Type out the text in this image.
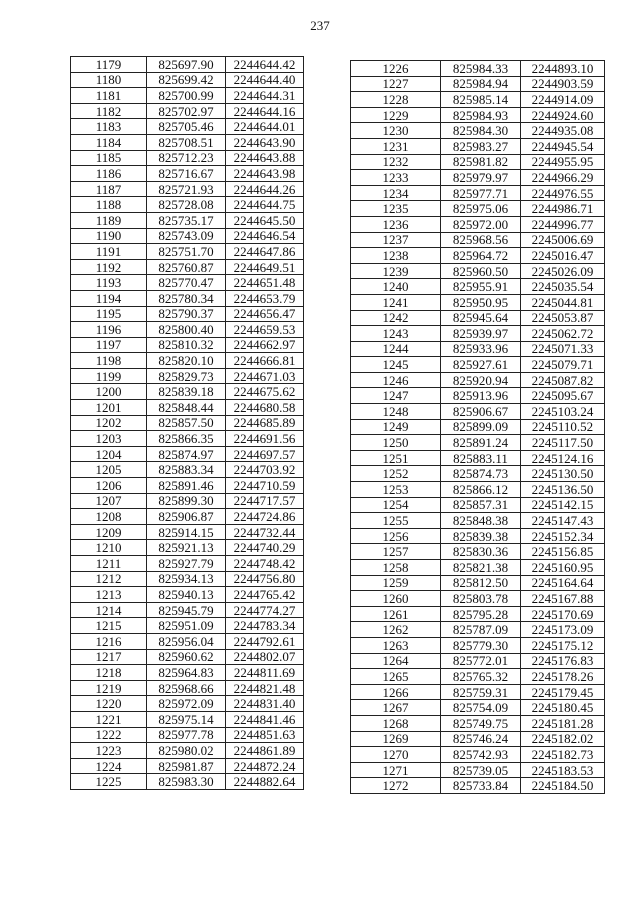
237
1179	825697.90	2244644.42
1180	825699.42	2244644.40
1181	825700.99	2244644.31
1182	825702.97	2244644.16
1183	825705.46	2244644.01
1184	825708.51	2244643.90
1185	825712.23	2244643.88
1186	825716.67	2244643.98
1187	825721.93	2244644.26
1188	825728.08	2244644.75
1189	825735.17	2244645.50
1190	825743.09	2244646.54
1191	825751.70	2244647.86
1192	825760.87	2244649.51
1193	825770.47	2244651.48
1194	825780.34	2244653.79
1195	825790.37	2244656.47
1196	825800.40	2244659.53
1197	825810.32	2244662.97
1198	825820.10	2244666.81
1199	825829.73	2244671.03
1200	825839.18	2244675.62
1201	825848.44	2244680.58
1202	825857.50	2244685.89
1203	825866.35	2244691.56
1204	825874.97	2244697.57
1205	825883.34	2244703.92
1206	825891.46	2244710.59
1207	825899.30	2244717.57
1208	825906.87	2244724.86
1209	825914.15	2244732.44
1210	825921.13	2244740.29
1211	825927.79	2244748.42
1212	825934.13	2244756.80
1213	825940.13	2244765.42
1214	825945.79	2244774.27
1215	825951.09	2244783.34
1216	825956.04	2244792.61
1217	825960.62	2244802.07
1218	825964.83	2244811.69
1219	825968.66	2244821.48
1220	825972.09	2244831.40
1221	825975.14	2244841.46
1222	825977.78	2244851.63
1223	825980.02	2244861.89
1224	825981.87	2244872.24
1225	825983.30	2244882.64
1226	825984.33	2244893.10
1227	825984.94	2244903.59
1228	825985.14	2244914.09
1229	825984.93	2244924.60
1230	825984.30	2244935.08
1231	825983.27	2244945.54
1232	825981.82	2244955.95
1233	825979.97	2244966.29
1234	825977.71	2244976.55
1235	825975.06	2244986.71
1236	825972.00	2244996.77
1237	825968.56	2245006.69
1238	825964.72	2245016.47
1239	825960.50	2245026.09
1240	825955.91	2245035.54
1241	825950.95	2245044.81
1242	825945.64	2245053.87
1243	825939.97	2245062.72
1244	825933.96	2245071.33
1245	825927.61	2245079.71
1246	825920.94	2245087.82
1247	825913.96	2245095.67
1248	825906.67	2245103.24
1249	825899.09	2245110.52
1250	825891.24	2245117.50
1251	825883.11	2245124.16
1252	825874.73	2245130.50
1253	825866.12	2245136.50
1254	825857.31	2245142.15
1255	825848.38	2245147.43
1256	825839.38	2245152.34
1257	825830.36	2245156.85
1258	825821.38	2245160.95
1259	825812.50	2245164.64
1260	825803.78	2245167.88
1261	825795.28	2245170.69
1262	825787.09	2245173.09
1263	825779.30	2245175.12
1264	825772.01	2245176.83
1265	825765.32	2245178.26
1266	825759.31	2245179.45
1267	825754.09	2245180.45
1268	825749.75	2245181.28
1269	825746.24	2245182.02
1270	825742.93	2245182.73
1271	825739.05	2245183.53
1272	825733.84	2245184.50
